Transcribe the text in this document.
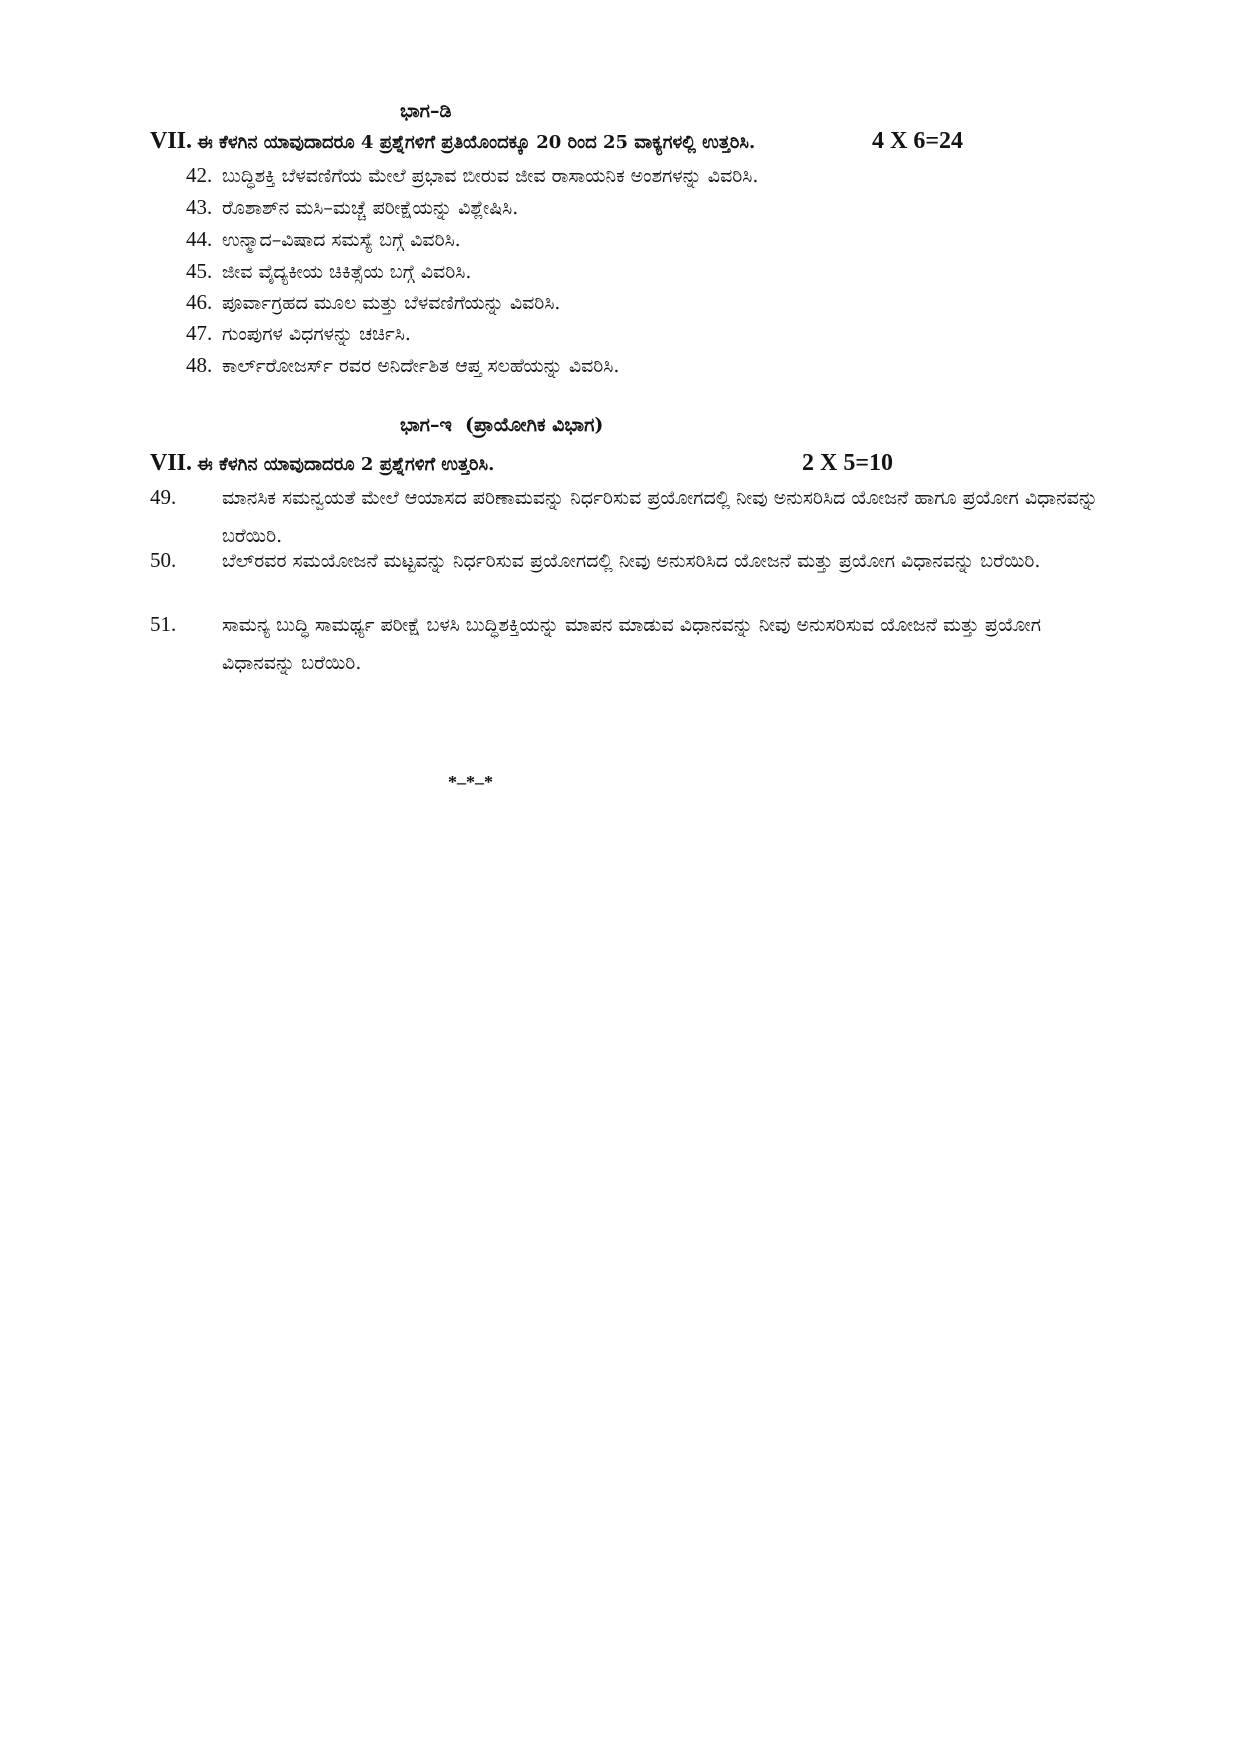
ಭಾಗ–ಡಿ
VII. ಈ ಕೆಳಗಿನ ಯಾವುದಾದರೂ 4 ಪ್ರಶ್ನೆಗಳಿಗೆ ಪ್ರತಿಯೊಂದಕ್ಕೂ 20 ರಿಂದ 25 ವಾಕ್ಯಗಳಲ್ಲಿ ಉತ್ತರಿಸಿ.	4 X 6=24
42. ಬುದ್ಧಿಶಕ್ತಿ ಬೆಳವಣಿಗೆಯ ಮೇಲೆ ಪ್ರಭಾವ ಬೀರುವ ಜೀವ ರಾಸಾಯನಿಕ ಅಂಶಗಳನ್ನು ವಿವರಿಸಿ.
43. ರೊಶಾಶ್‌ನ ಮಸಿ–ಮಚ್ಚೆ ಪರೀಕ್ಷೆಯನ್ನು ವಿಶ್ಲೇಷಿಸಿ.
44. ಉನ್ಮಾದ–ವಿಷಾದ ಸಮಸ್ಯೆ ಬಗ್ಗೆ ವಿವರಿಸಿ.
45. ಜೀವ ವೈದ್ಯಕೀಯ ಚಿಕಿತ್ಸೆಯ ಬಗ್ಗೆ ವಿವರಿಸಿ.
46. ಪೂರ್ವಾಗ್ರಹದ ಮೂಲ ಮತ್ತು ಬೆಳವಣಿಗೆಯನ್ನು ವಿವರಿಸಿ.
47. ಗುಂಪುಗಳ ವಿಧಗಳನ್ನು ಚರ್ಚಿಸಿ.
48. ಕಾರ್ಲ್‌ರೋಜರ್ಸ್ ರವರ ಅನಿರ್ದೇಶಿತ ಆಪ್ತ ಸಲಹೆಯನ್ನು ವಿವರಿಸಿ.
ಭಾಗ–ಇ  (ಪ್ರಾಯೋಗಿಕ ವಿಭಾಗ)
VII. ಈ ಕೆಳಗಿನ ಯಾವುದಾದರೂ 2 ಪ್ರಶ್ನೆಗಳಿಗೆ ಉತ್ತರಿಸಿ.	2 X 5=10
49. ಮಾನಸಿಕ ಸಮನ್ವಯತೆ ಮೇಲೆ ಆಯಾಸದ ಪರಿಣಾಮವನ್ನು ನಿರ್ಧರಿಸುವ ಪ್ರಯೋಗದಲ್ಲಿ ನೀವು ಅನುಸರಿಸಿದ ಯೋಜನೆ ಹಾಗೂ ಪ್ರಯೋಗ ವಿಧಾನವನ್ನು ಬರೆಯಿರಿ.
50. ಬೆಲ್‌ರವರ ಸಮಯೋಜನೆ ಮಟ್ಟವನ್ನು ನಿರ್ಧರಿಸುವ ಪ್ರಯೋಗದಲ್ಲಿ ನೀವು ಅನುಸರಿಸಿದ ಯೋಜನೆ ಮತ್ತು ಪ್ರಯೋಗ ವಿಧಾನವನ್ನು ಬರೆಯಿರಿ.
51. ಸಾಮನ್ಯ ಬುದ್ಧಿ ಸಾಮರ್ಥ್ಯ ಪರೀಕ್ಷೆ ಬಳಸಿ ಬುದ್ಧಿಶಕ್ತಿಯನ್ನು ಮಾಪನ ಮಾಡುವ ವಿಧಾನವನ್ನು ನೀವು ಅನುಸರಿಸುವ ಯೋಜನೆ ಮತ್ತು ಪ್ರಯೋಗ ವಿಧಾನವನ್ನು ಬರೆಯಿರಿ.
*–*–*
